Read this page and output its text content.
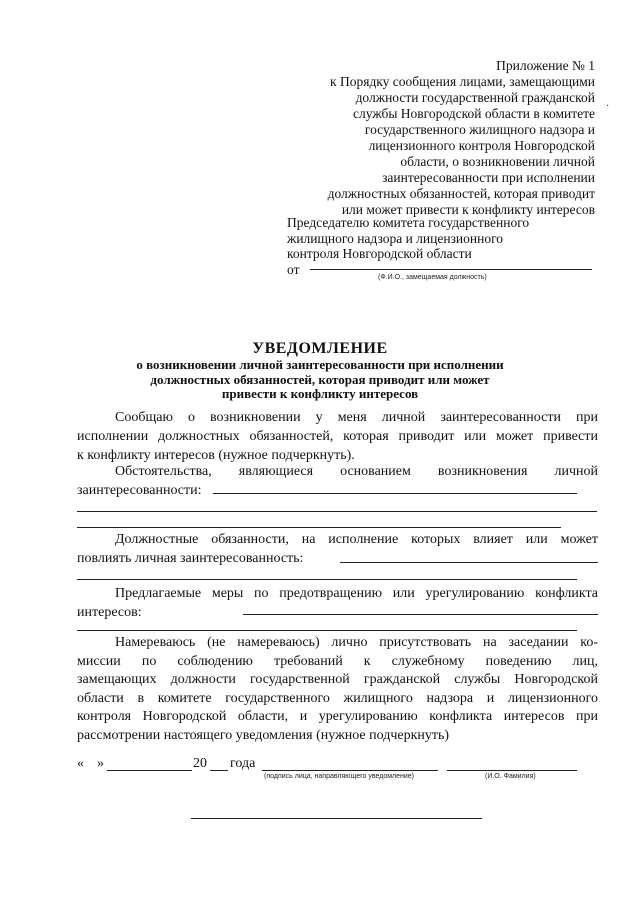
Приложение № 1
к Порядку сообщения лицами, замещающими
должности государственной гражданской
службы Новгородской области в комитете
государственного жилищного надзора и
лицензионного контроля Новгородской
области, о возникновении личной
заинтересованности при исполнении
должностных обязанностей, которая приводит
или может привести к конфликту интересов
·
Председателю комитета государственного
жилищного надзора и лицензионного
контроля Новгородской области
от
(Ф.И.О., замещаемая должность)
УВЕДОМЛЕНИЕ
о возникновении личной заинтересованности при исполнении
должностных обязанностей, которая приводит или может
привести к конфликту интересов
Сообщаю о возникновении у меня личной заинтересованности при
исполнении должностных обязанностей, которая приводит или может привести
к конфликту интересов (нужное подчеркнуть).
Обстоятельства, являющиеся основанием возникновения личной
заинтересованности:
Должностные обязанности, на исполнение которых влияет или может
повлиять личная заинтересованность:
Предлагаемые меры по предотвращению или урегулированию конфликта
интересов:
Намереваюсь (не намереваюсь) лично присутствовать на заседании ко-
миссии по соблюдению требований к служебному поведению лиц,
замещающих должности государственной гражданской службы Новгородской
области в комитете государственного жилищного надзора и лицензионного
контроля Новгородской области, и урегулированию конфликта интересов при
рассмотрении настоящего уведомления (нужное подчеркнуть)
« »	20 года
(подпись лица, направляющего уведомление)	(И.О. Фамилия)
